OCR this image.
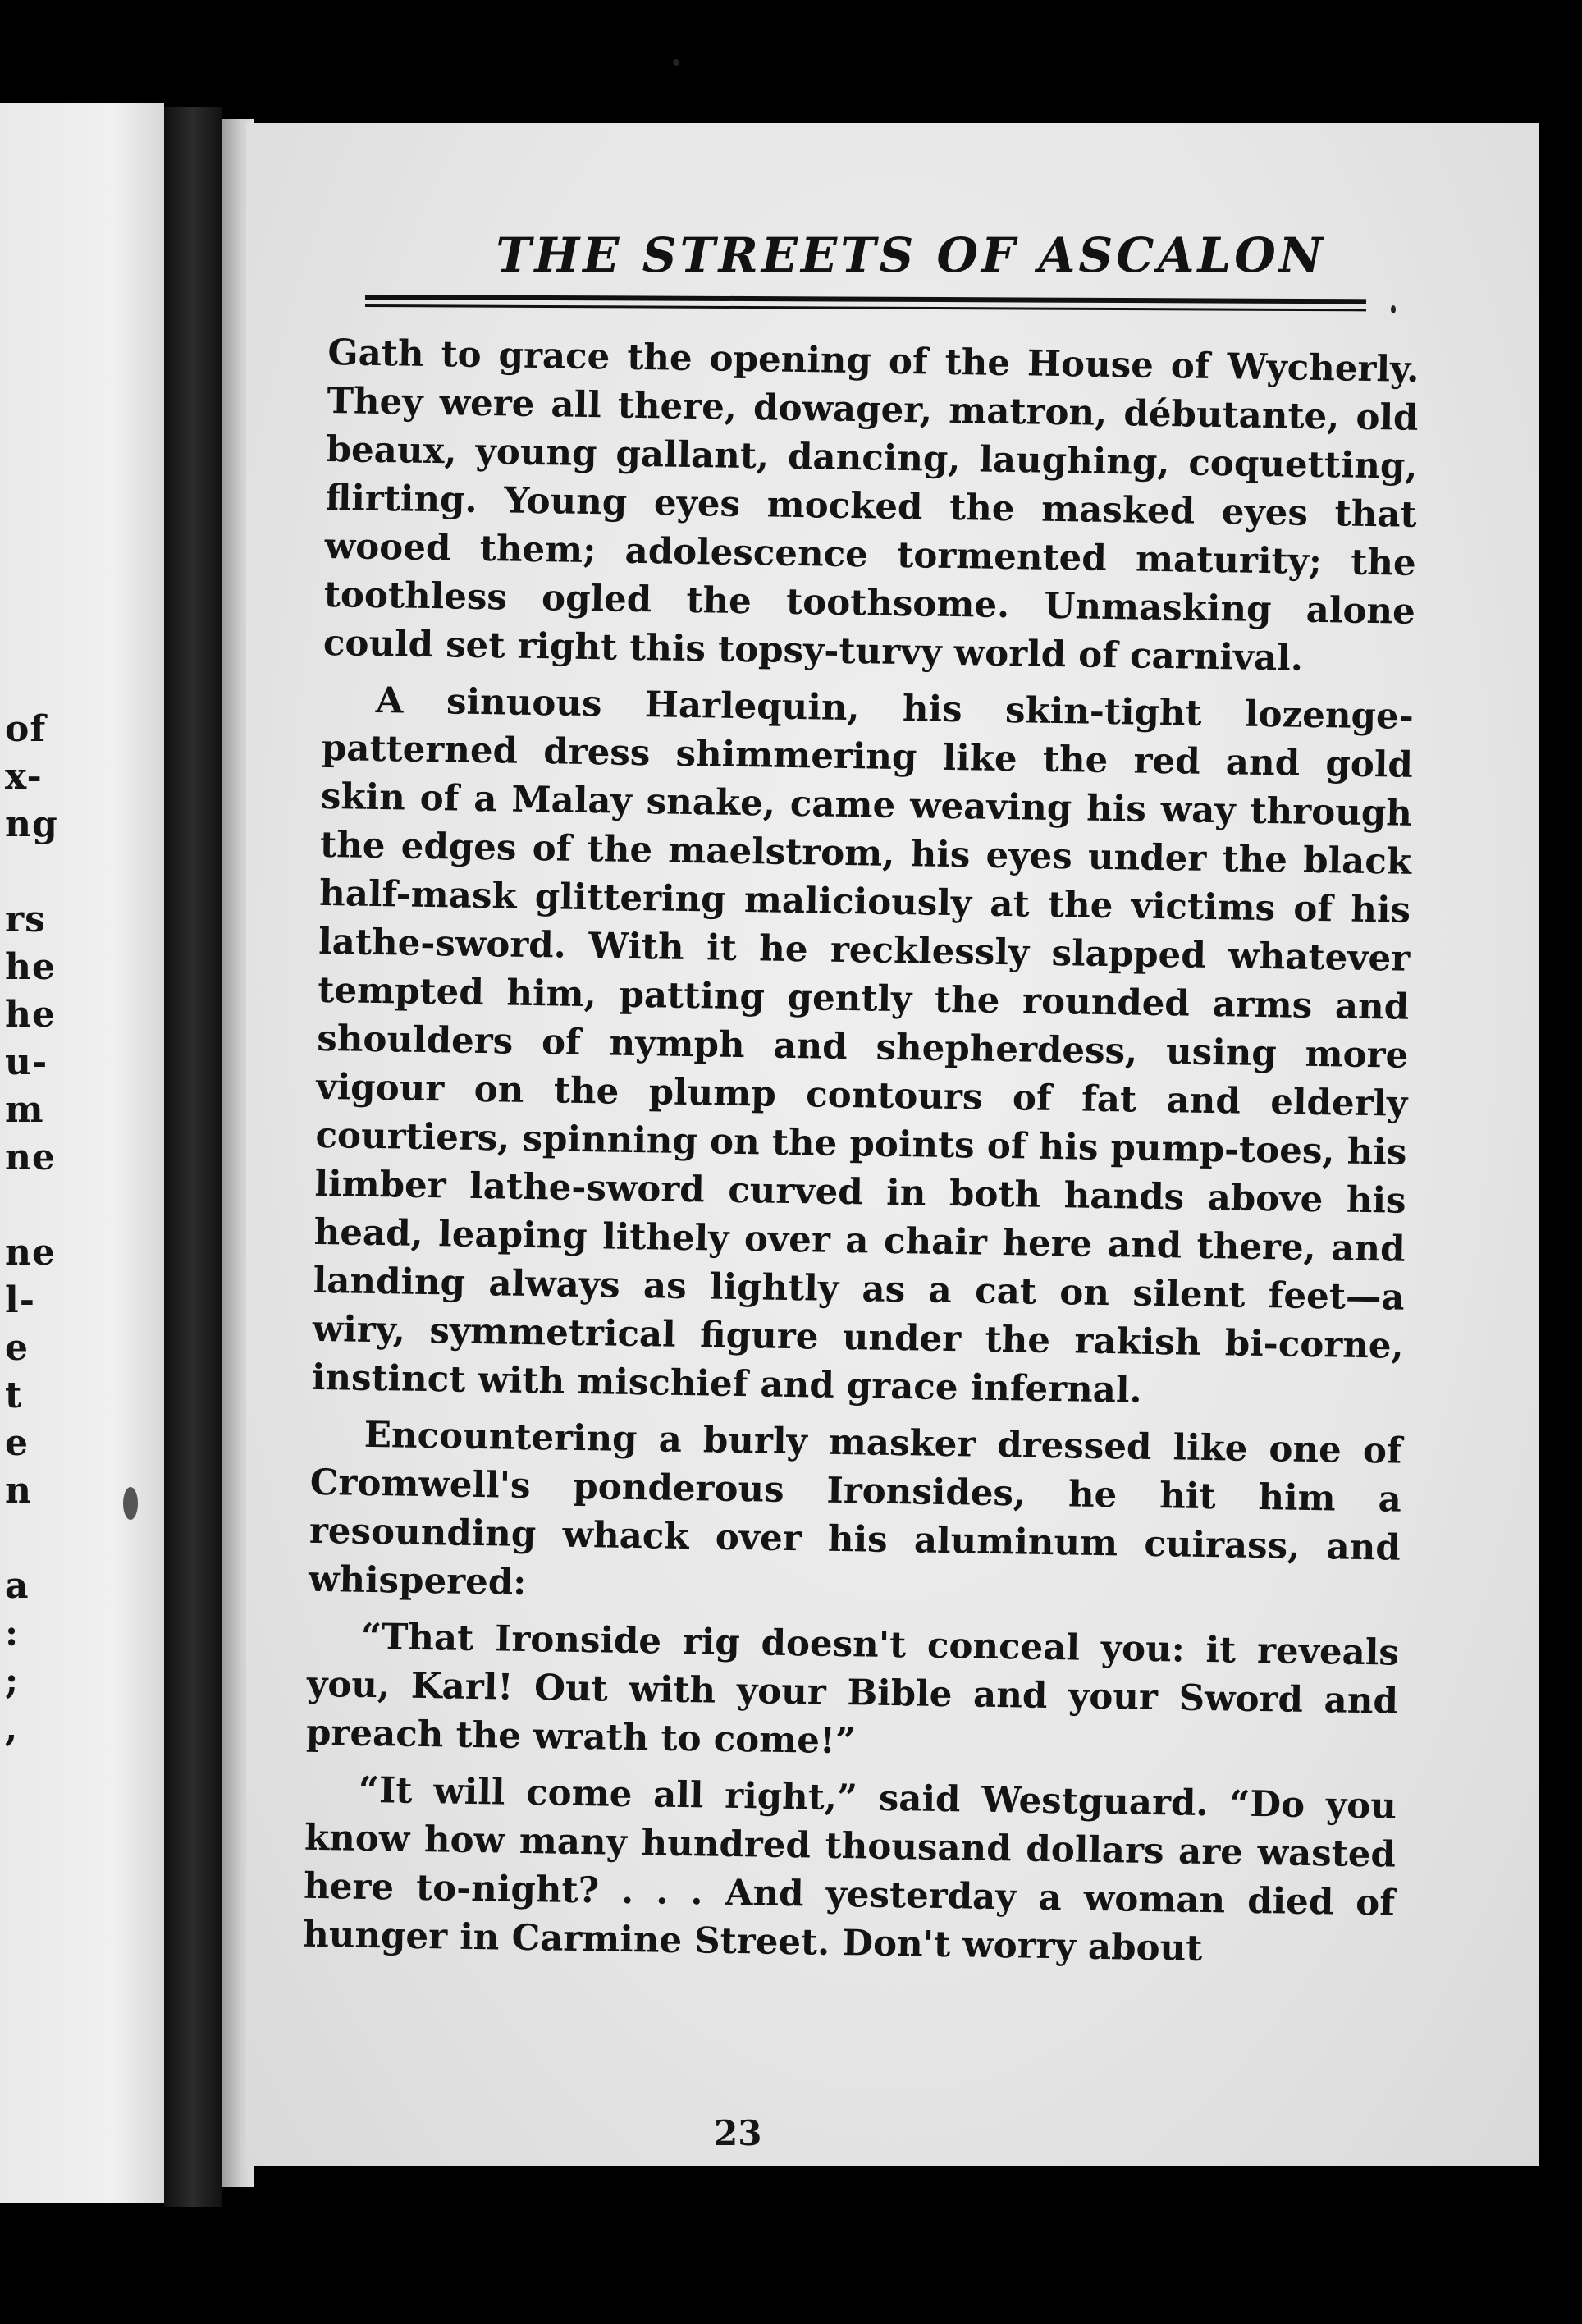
of
x-
ng
rs
he
he
u-
m
ne
ne
l-
e
t
e
n
a
:
;
,
THE STREETS OF ASCALON

Gath to grace the opening of the House of Wycherly. They were all there, dowager, matron, débutante, old beaux, young gallant, dancing, laughing, coquetting, flirting. Young eyes mocked the masked eyes that wooed them; adolescence tormented maturity; the toothless ogled the toothsome. Unmasking alone could set right this topsy-turvy world of carnival.

A sinuous Harlequin, his skin-tight lozenge-patterned dress shimmering like the red and gold skin of a Malay snake, came weaving his way through the edges of the maelstrom, his eyes under the black half-mask glittering maliciously at the victims of his lathe-sword. With it he recklessly slapped whatever tempted him, patting gently the rounded arms and shoulders of nymph and shepherdess, using more vigour on the plump contours of fat and elderly courtiers, spinning on the points of his pump-toes, his limber lathe-sword curved in both hands above his head, leaping lithely over a chair here and there, and landing always as lightly as a cat on silent feet—a wiry, symmetrical figure under the rakish bi-corne, instinct with mischief and grace infernal.

Encountering a burly masker dressed like one of Cromwell's ponderous Ironsides, he hit him a resounding whack over his aluminum cuirass, and whispered:

“That Ironside rig doesn't conceal you: it reveals you, Karl! Out with your Bible and your Sword and preach the wrath to come!”

“It will come all right,” said Westguard. “Do you know how many hundred thousand dollars are wasted here to-night? . . . And yesterday a woman died of hunger in Carmine Street. Don't worry about

23
